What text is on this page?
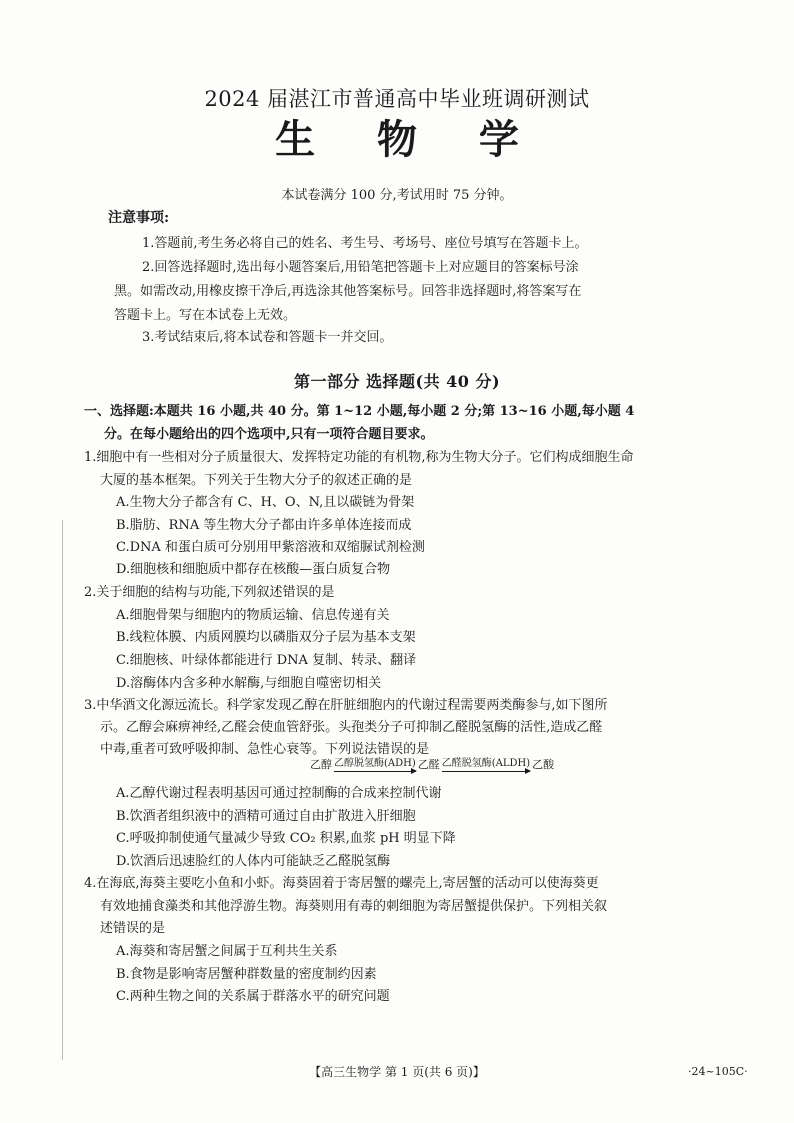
2024 届湛江市普通高中毕业班调研测试
生 物 学
本试卷满分 100 分,考试用时 75 分钟。
注意事项:
1.答题前,考生务必将自己的姓名、考生号、考场号、座位号填写在答题卡上。
2.回答选择题时,选出每小题答案后,用铅笔把答题卡上对应题目的答案标号涂
黑。如需改动,用橡皮擦干净后,再选涂其他答案标号。回答非选择题时,将答案写在
答题卡上。写在本试卷上无效。
3.考试结束后,将本试卷和答题卡一并交回。
第一部分 选择题(共 40 分)
一、选择题:本题共 16 小题,共 40 分。第 1~12 小题,每小题 2 分;第 13~16 小题,每小题 4
分。在每小题给出的四个选项中,只有一项符合题目要求。
1.细胞中有一些相对分子质量很大、发挥特定功能的有机物,称为生物大分子。它们构成细胞生命
大厦的基本框架。下列关于生物大分子的叙述正确的是
A.生物大分子都含有 C、H、O、N,且以碳链为骨架
B.脂肪、RNA 等生物大分子都由许多单体连接而成
C.DNA 和蛋白质可分别用甲紫溶液和双缩脲试剂检测
D.细胞核和细胞质中都存在核酸—蛋白质复合物
2.关于细胞的结构与功能,下列叙述错误的是
A.细胞骨架与细胞内的物质运输、信息传递有关
B.线粒体膜、内质网膜均以磷脂双分子层为基本支架
C.细胞核、叶绿体都能进行 DNA 复制、转录、翻译
D.溶酶体内含多种水解酶,与细胞自噬密切相关
3.中华酒文化源远流长。科学家发现乙醇在肝脏细胞内的代谢过程需要两类酶参与,如下图所
示。乙醇会麻痹神经,乙醛会使血管舒张。头孢类分子可抑制乙醛脱氢酶的活性,造成乙醛
中毒,重者可致呼吸抑制、急性心衰等。下列说法错误的是
乙醇 乙醇脱氢酶(ADH) 乙醛 乙醛脱氢酶(ALDH) 乙酸
A.乙醇代谢过程表明基因可通过控制酶的合成来控制代谢
B.饮酒者组织液中的酒精可通过自由扩散进入肝细胞
C.呼吸抑制使通气量减少导致 CO₂ 积累,血浆 pH 明显下降
D.饮酒后迅速脸红的人体内可能缺乏乙醛脱氢酶
4.在海底,海葵主要吃小鱼和小虾。海葵固着于寄居蟹的螺壳上,寄居蟹的活动可以使海葵更
有效地捕食藻类和其他浮游生物。海葵则用有毒的刺细胞为寄居蟹提供保护。下列相关叙
述错误的是
A.海葵和寄居蟹之间属于互利共生关系
B.食物是影响寄居蟹种群数量的密度制约因素
C.两种生物之间的关系属于群落水平的研究问题
【高三生物学 第 1 页(共 6 页)】	·24~105C·
